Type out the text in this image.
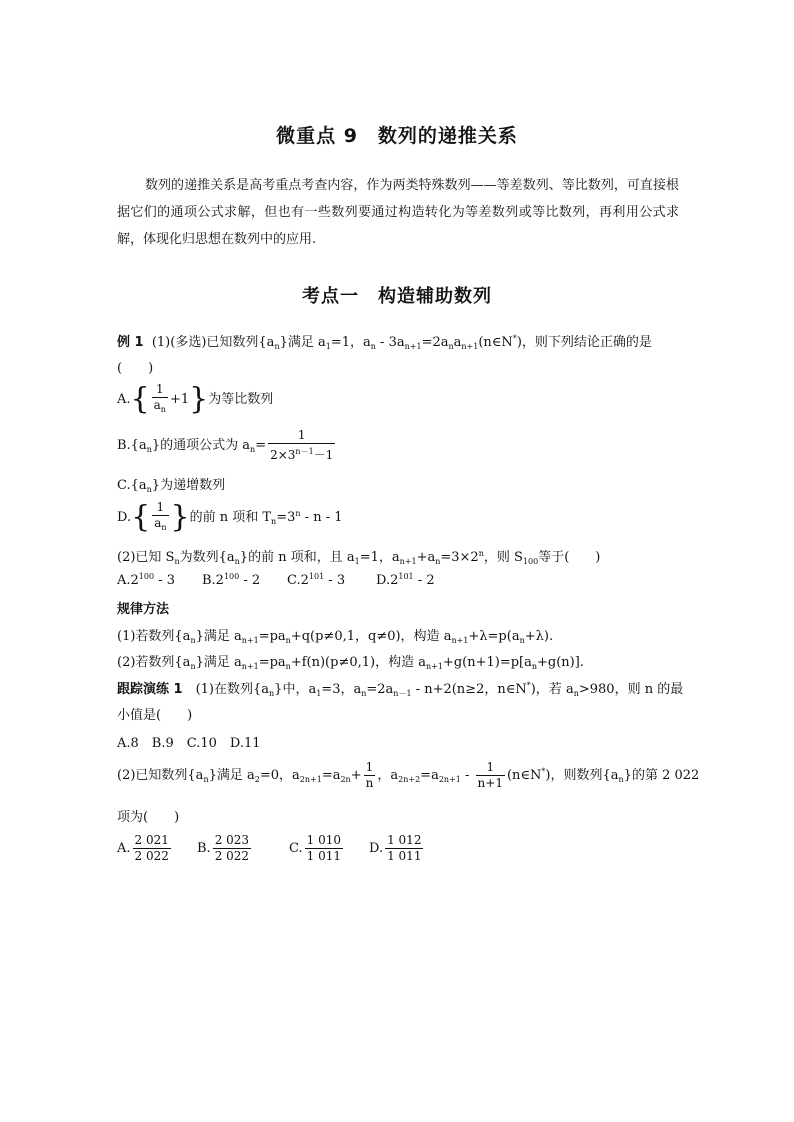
微重点 9　数列的递推关系
数列的递推关系是高考重点考查内容，作为两类特殊数列——等差数列、等比数列，可直接根据它们的通项公式求解，但也有一些数列要通过构造转化为等差数列或等比数列，再利用公式求解，体现化归思想在数列中的应用.
考点一　构造辅助数列
例 1 (1)(多选)已知数列$\{a_n\}$满足 $a_1=1$，$a_n$ - $3a_{n+1}=2a_na_{n+1}(n\in N^*)$，则下列结论正确的是
(　　)
$A.\{ \frac{1}{a_n} +1\}$为等比数列
$B.\{a_n\}$的通项公式为 $a_n= \frac{1}{2\times 3^{n-1}-1}$
$C.\{a_n\}$为递增数列
$D.\{ \frac{1}{a_n}$ }的前 n 项和 $T_n=3^n - n - 1$
(2)已知 $S_n$为数列$\{a_n\}$的前 n 项和，且 $a_1=1$，$a_{n+1}+a_n=3\times 2^n$，则 $S_{100}$等于(　　)
$A.2^{100} - 3$ $B.2^{100} - 2$ $C.2^{101} - 3$ $D.2^{101} - 2$
规律方法
(1)若数列$\{a_n\}$满足 $a_{n+1}=pa_n+q(p\ne 0,1$，q≠0)，构造 $a_{n+1}+\lambda=p(a_n+\lambda)$.
(2)若数列$\{a_n\}$满足 $a_{n+1}=pa_n+f(n)(p\ne 0,1)$，构造 $a_{n+1}+g(n+1)=p[a_n+g(n)]$.
跟踪演练 1　(1)在数列$\{a_n\}$中，$a_1=3$，$a_n=2a_{n-1} - n+2(n\ge 2$，n∈N*)，若 $a_n>980$，则 n 的最
小值是(　　)
A.8　B.9　C.10　D.11
(2)已知数列$\{a_n\}$满足 $a_2=0$，$a_{2n+1}=a_{2n}+ \frac{1}{n}$ ，$a_{2n+2}=a_{2n+1} - \frac{1}{n+1}$ (n∈N*)，则数列$\{a_n\}$的第 2 022
项为(　　)
A. $\frac{2 021}{2 022} B$. $\frac{2 023}{2 022}$	C. $\frac{1 010}{1 011} D$. $\frac{1 012}{1 011}$
